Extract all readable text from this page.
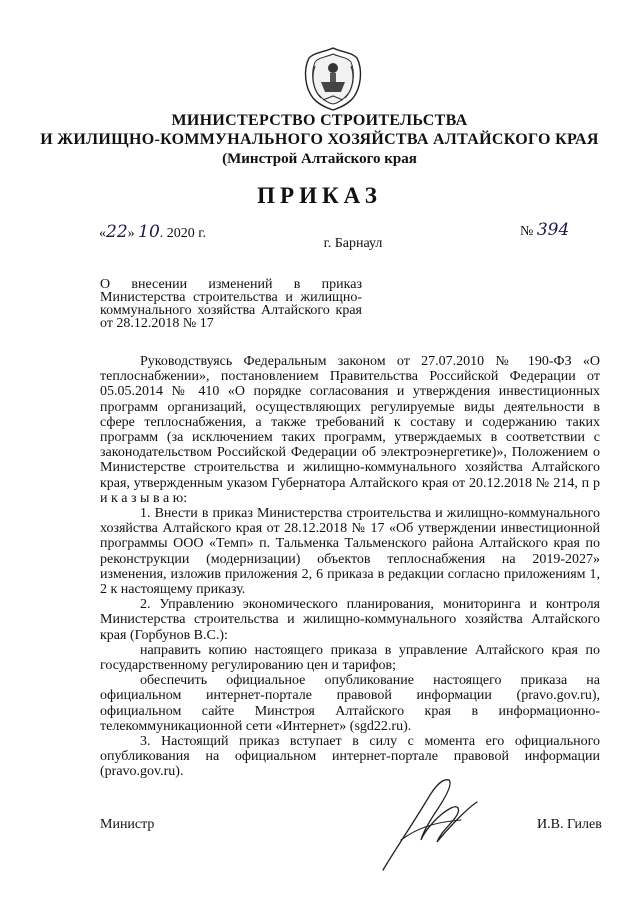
МИНИСТЕРСТВО СТРОИТЕЛЬСТВА
И ЖИЛИЩНО-КОММУНАЛЬНОГО ХОЗЯЙСТВА АЛТАЙСКОГО КРАЯ
(Минстрой Алтайского края
ПРИКАЗ
«22» 10. 2020 г.	№ 394
г. Барнаул
О внесении изменений в приказ Министерства строительства и жилищно-коммунального хозяйства Алтайского края от 28.12.2018 № 17

Руководствуясь Федеральным законом от 27.07.2010 № 190-ФЗ «О теплоснабжении», постановлением Правительства Российской Федерации от 05.05.2014 № 410 «О порядке согласования и утверждения инвестиционных программ организаций, осуществляющих регулируемые виды деятельности в сфере теплоснабжения, а также требований к составу и содержанию таких программ (за исключением таких программ, утверждаемых в соответствии с законодательством Российской Федерации об электроэнергетике)», Положением о Министерстве строительства и жилищно-коммунального хозяйства Алтайского края, утвержденным указом Губернатора Алтайского края от 20.12.2018 № 214, п р и к а з ы в а ю:

1. Внести в приказ Министерства строительства и жилищно-коммунального хозяйства Алтайского края от 28.12.2018 № 17 «Об утверждении инвестиционной программы ООО «Темп» п. Тальменка Тальменского района Алтайского края по реконструкции (модернизации) объектов теплоснабжения на 2019-2027» изменения, изложив приложения 2, 6 приказа в редакции согласно приложениям 1, 2 к настоящему приказу.

2. Управлению экономического планирования, мониторинга и контроля Министерства строительства и жилищно-коммунального хозяйства Алтайского края (Горбунов В.С.):

направить копию настоящего приказа в управление Алтайского края по государственному регулированию цен и тарифов;

обеспечить официальное опубликование настоящего приказа на официальном интернет-портале правовой информации (pravo.gov.ru), официальном сайте Минстроя Алтайского края в информационно-телекоммуникационной сети «Интернет» (sgd22.ru).

3. Настоящий приказ вступает в силу с момента его официального опубликования на официальном интернет-портале правовой информации (pravo.gov.ru).

Министр	И.В. Гилев
